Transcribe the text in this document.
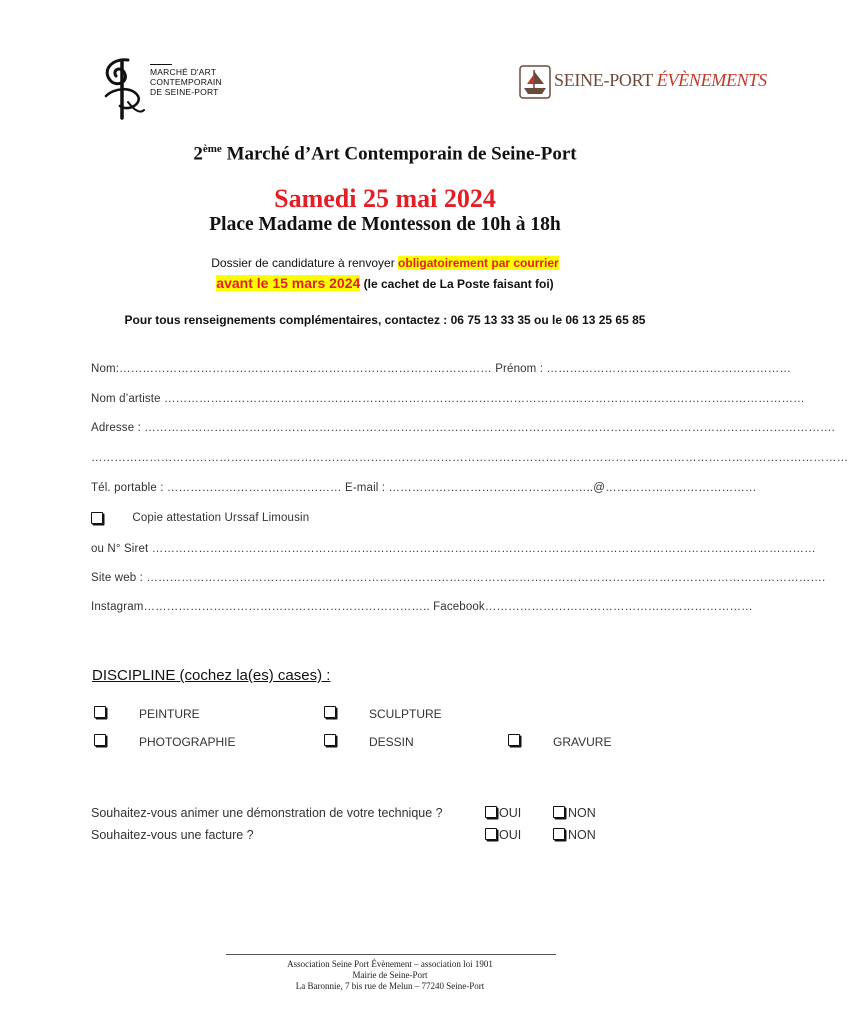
MARCHÉ D'ART
CONTEMPORAIN
DE SEINE-PORT
SEINE-PORT ÉVÈNEMENTS
2ème Marché d’Art Contemporain de Seine-Port
Samedi 25 mai 2024
Place Madame de Montesson de 10h à 18h
Dossier de candidature à renvoyer obligatoirement par courrier
avant le 15 mars 2024 (le cachet de La Poste faisant foi)
Pour tous renseignements complémentaires, contactez : 06 75 13 33 35 ou le 06 13 25 65 85
Nom:…………………………………………………………………………………… Prénom : ………………………………………………………
Nom d’artiste …………………………………………………………………………………………………………………………………………………
Adresse : …………………………………………………………………………………………………………………………………………………………….
……………………………………………………………………………………………………………………………………………………………………………
Tél. portable : ……………………………………… E-mail : ……………………………………………..@…………………………………
Copie attestation Urssaf Limousin
ou N° Siret ………………………………………………………………………………………………………………………………………………………
Site web : ………………………………………………………………………………………………………………………………………………………….
Instagram……………………………………………………………….. Facebook……………………………………………………………
DISCIPLINE (cochez la(es) cases) :
PEINTURE	SCULPTURE
PHOTOGRAPHIE	DESSIN	GRAVURE
Souhaitez-vous animer une démonstration de votre technique ?	OUI	NON
Souhaitez-vous une facture ?	OUI	NON
Association Seine Port Évènement – association loi 1901
Mairie de Seine-Port
La Baronnie, 7 bis rue de Melun – 77240 Seine-Port
